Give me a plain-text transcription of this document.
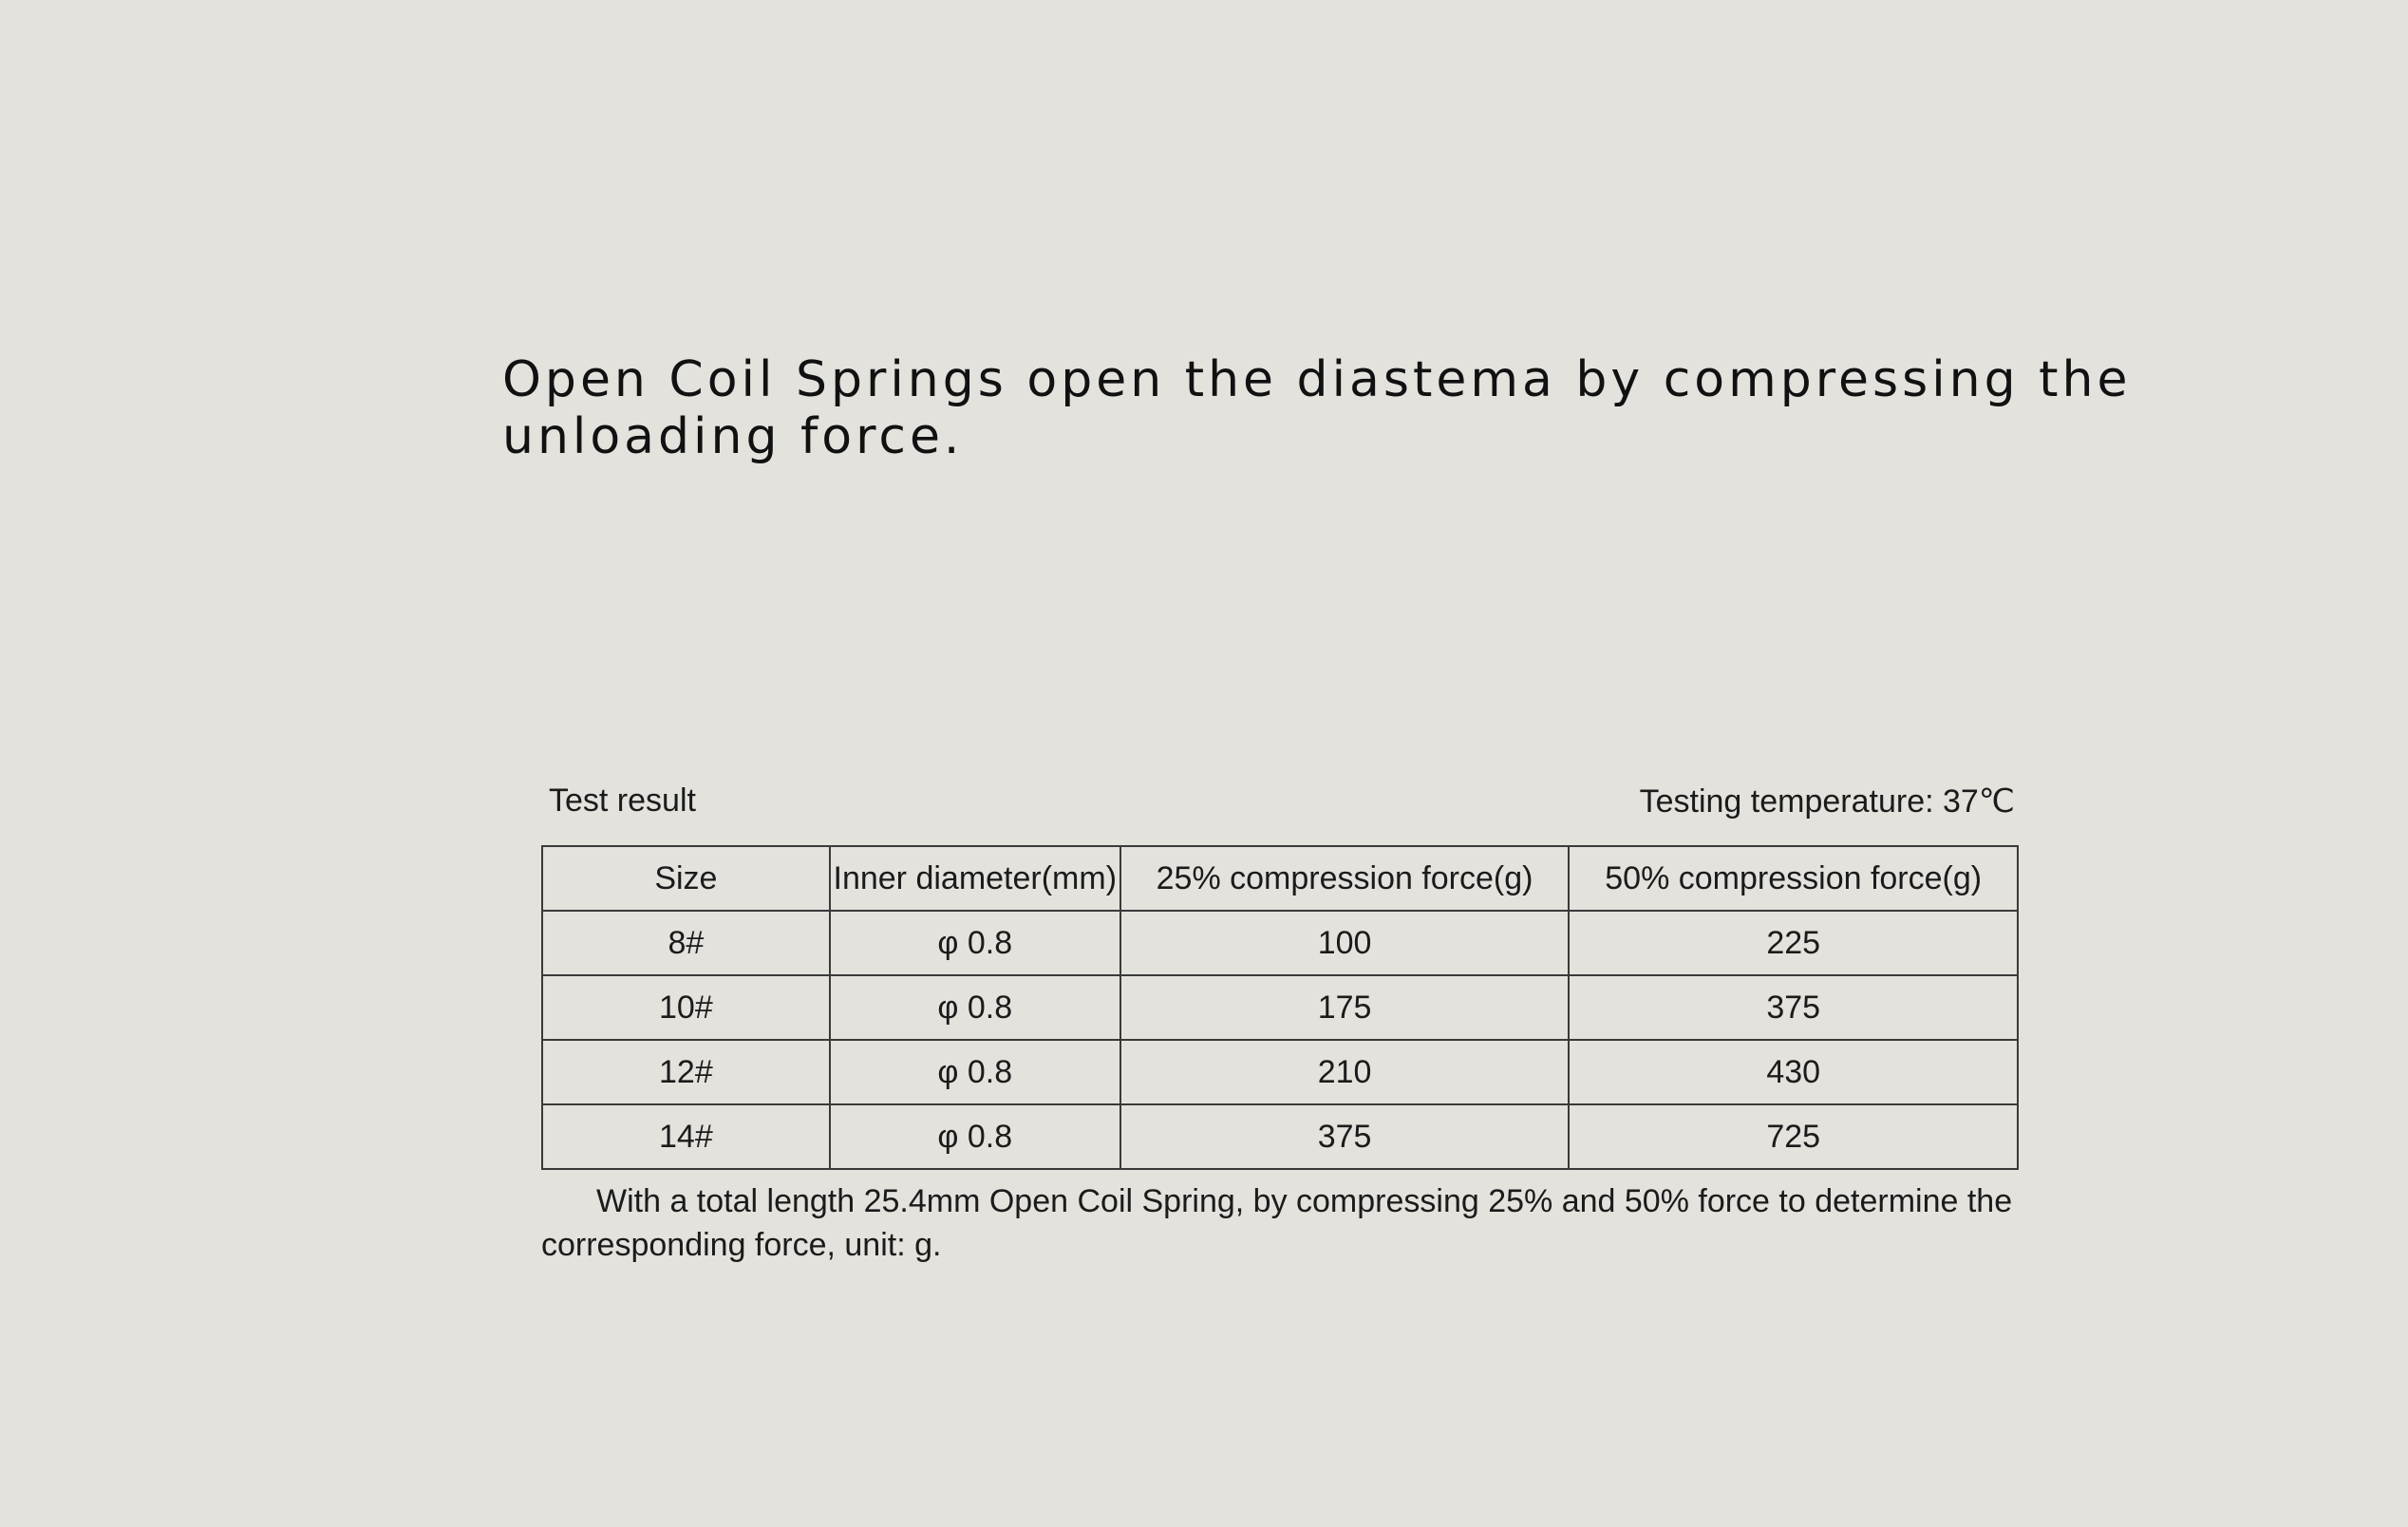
Open Coil Springs open the diastema by compressing the unloading force.
Test result	Testing temperature: 37℃
Size	Inner diameter(mm)	25% compression force(g)	50% compression force(g)
8#	φ 0.8	100	225
10#	φ 0.8	175	375
12#	φ 0.8	210	430
14#	φ 0.8	375	725

With a total length 25.4mm Open Coil Spring, by compressing 25% and 50% force to determine the corresponding force, unit: g.
